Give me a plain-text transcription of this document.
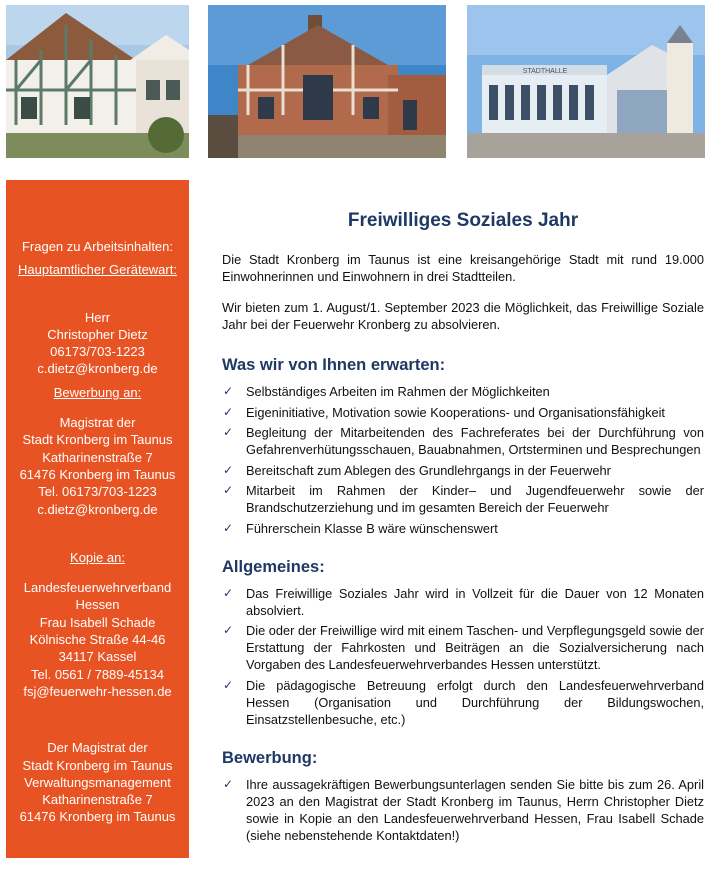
STADTHALLE
Fragen zu Arbeitsinhalten:
Hauptamtlicher Gerätewart:
Herr
Christopher Dietz
06173/703-1223
c.dietz@kronberg.de
Bewerbung an:
Magistrat der
Stadt Kronberg im Taunus
Katharinenstraße 7
61476 Kronberg im Taunus
Tel. 06173/703-1223
c.dietz@kronberg.de
Kopie an:
Landesfeuerwehrverband
Hessen
Frau Isabell Schade
Kölnische Straße 44-46
34117 Kassel
Tel. 0561 / 7889-45134
fsj@feuerwehr-hessen.de
Der Magistrat der
Stadt Kronberg im Taunus
Verwaltungsmanagement
Katharinenstraße 7
61476 Kronberg im Taunus
Freiwilliges Soziales Jahr

Die Stadt Kronberg im Taunus ist eine kreisangehörige Stadt mit rund 19.000 Einwohnerinnen und Einwohnern in drei Stadtteilen.

Wir bieten zum 1. August/1. September 2023 die Möglichkeit, das Freiwillige Soziale Jahr bei der Feuerwehr Kronberg zu absolvieren.

Was wir von Ihnen erwarten:
✓ Selbständiges Arbeiten im Rahmen der Möglichkeiten
✓ Eigeninitiative, Motivation sowie Kooperations- und Organisationsfähigkeit
✓ Begleitung der Mitarbeitenden des Fachreferates bei der Durchführung von Gefahrenverhütungsschauen, Bauabnahmen, Ortsterminen und Besprechungen
✓ Bereitschaft zum Ablegen des Grundlehrgangs in der Feuerwehr
✓ Mitarbeit im Rahmen der Kinder– und Jugendfeuerwehr sowie der Brandschutzerziehung und im gesamten Bereich der Feuerwehr
✓ Führerschein Klasse B wäre wünschenswert
Allgemeines:
✓ Das Freiwillige Soziales Jahr wird in Vollzeit für die Dauer von 12 Monaten absolviert.
✓ Die oder der Freiwillige wird mit einem Taschen- und Verpflegungsgeld sowie der Erstattung der Fahrkosten und Beiträgen an die Sozialversicherung nach Vorgaben des Landesfeuerwehrverbandes Hessen unterstützt.
✓ Die pädagogische Betreuung erfolgt durch den Landesfeuerwehrverband Hessen (Organisation und Durchführung der Bildungswochen, Einsatzstellenbesuche, etc.)
Bewerbung:
✓ Ihre aussagekräftigen Bewerbungsunterlagen senden Sie bitte bis zum 26. April 2023 an den Magistrat der Stadt Kronberg im Taunus, Herrn Christopher Dietz sowie in Kopie an den Landesfeuerwehrverband Hessen, Frau Isabell Schade (siehe nebenstehende Kontaktdaten!)
